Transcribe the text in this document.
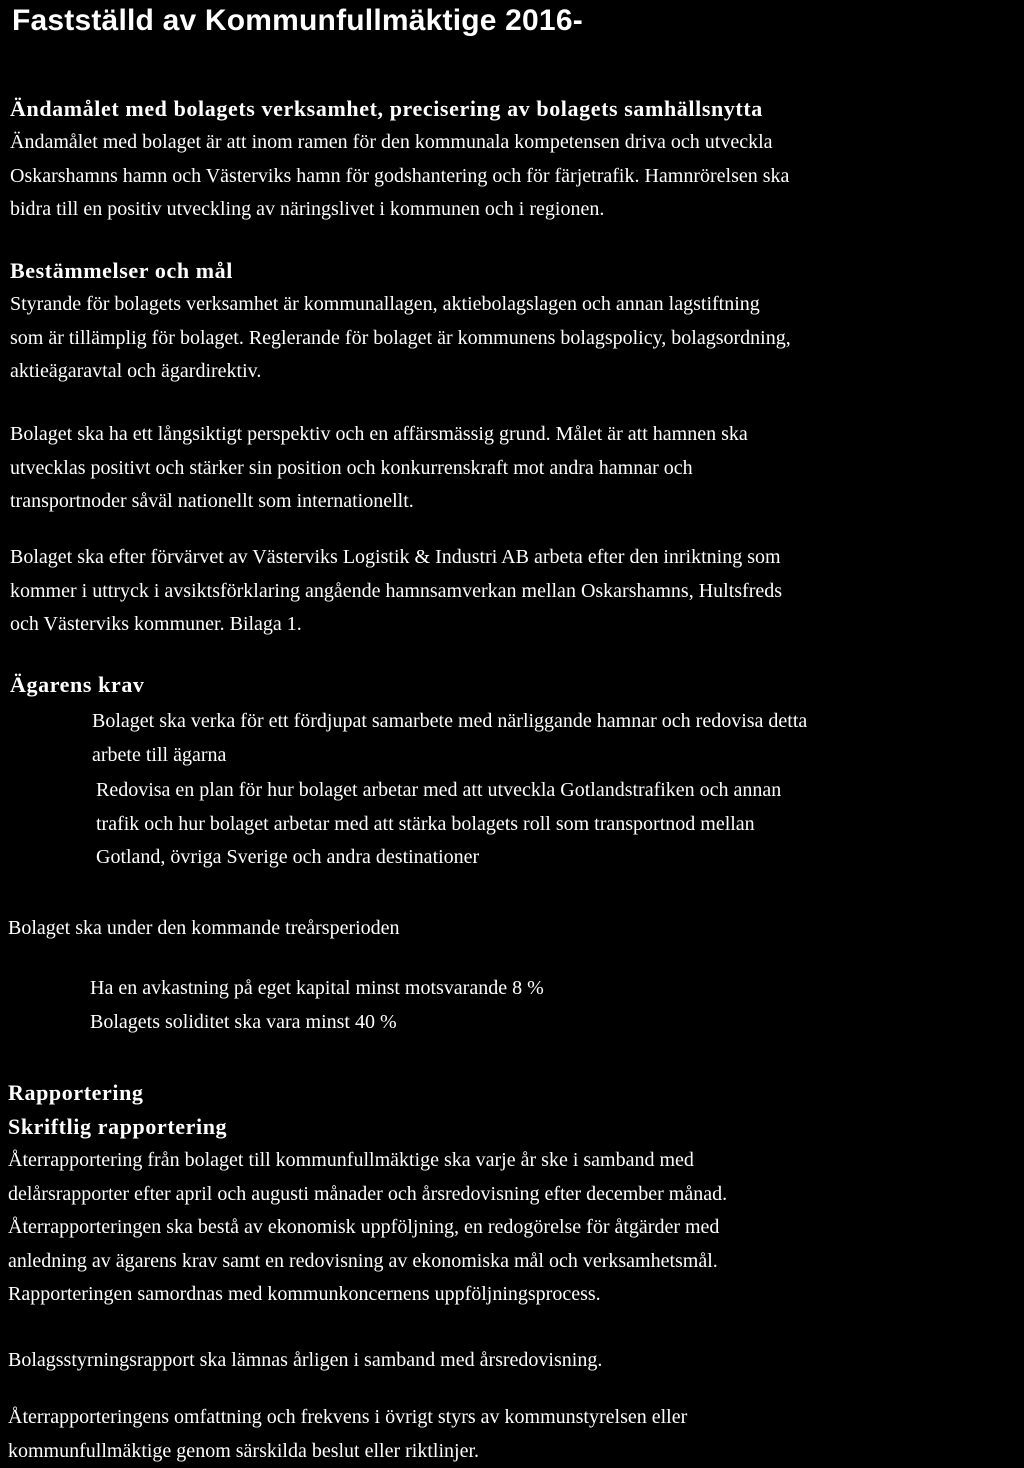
Fastställd av Kommunfullmäktige 2016-
Ändamålet med bolagets verksamhet, precisering av bolagets samhällsnytta

Ändamålet med bolaget är att inom ramen för den kommunala kompetensen driva och utveckla

Oskarshamns hamn och Västerviks hamn för godshantering och för färjetrafik. Hamnrörelsen ska

bidra till en positiv utveckling av näringslivet i kommunen och i regionen.

Bestämmelser och mål

Styrande för bolagets verksamhet är kommunallagen, aktiebolagslagen och annan lagstiftning

som är tillämplig för bolaget. Reglerande för bolaget är kommunens bolagspolicy, bolagsordning,

aktieägaravtal och ägardirektiv.

Bolaget ska ha ett långsiktigt perspektiv och en affärsmässig grund. Målet är att hamnen ska

utvecklas positivt och stärker sin position och konkurrenskraft mot andra hamnar och

transportnoder såväl nationellt som internationellt.

Bolaget ska efter förvärvet av Västerviks Logistik & Industri AB arbeta efter den inriktning som

kommer i uttryck i avsiktsförklaring angående hamnsamverkan mellan Oskarshamns, Hultsfreds

och Västerviks kommuner. Bilaga 1.

Ägarens krav

Bolaget ska verka för ett fördjupat samarbete med närliggande hamnar och redovisa detta

arbete till ägarna

Redovisa en plan för hur bolaget arbetar med att utveckla Gotlandstrafiken och annan

trafik och hur bolaget arbetar med att stärka bolagets roll som transportnod mellan

Gotland, övriga Sverige och andra destinationer

Bolaget ska under den kommande treårsperioden

Ha en avkastning på eget kapital minst motsvarande 8 %

Bolagets soliditet ska vara minst 40 %

Rapportering
Skriftlig rapportering

Återrapportering från bolaget till kommunfullmäktige ska varje år ske i samband med

delårsrapporter efter april och augusti månader och årsredovisning efter december månad.

Återrapporteringen ska bestå av ekonomisk uppföljning, en redogörelse för åtgärder med

anledning av ägarens krav samt en redovisning av ekonomiska mål och verksamhetsmål.

Rapporteringen samordnas med kommunkoncernens uppföljningsprocess.

Bolagsstyrningsrapport ska lämnas årligen i samband med årsredovisning.

Återrapporteringens omfattning och frekvens i övrigt styrs av kommunstyrelsen eller

kommunfullmäktige genom särskilda beslut eller riktlinjer.
